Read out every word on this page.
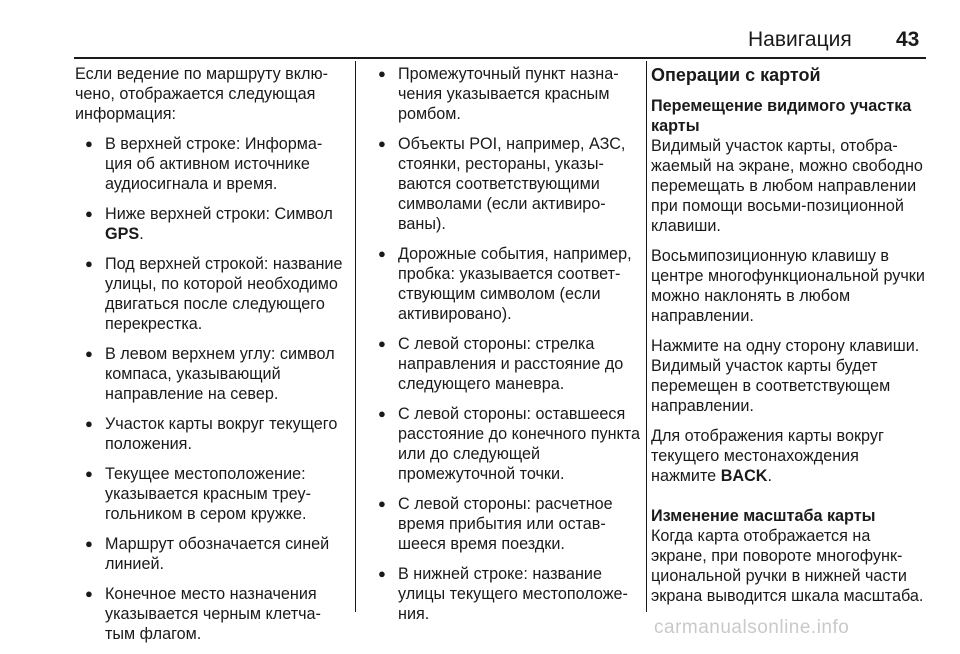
Навигация 43

Если ведение по маршруту вклю-чено, отображается следующая информация:

● В верхней строке: Информа-ция об активном источнике аудиосигнала и время.
● Ниже верхней строки: Символ
GPS.
● Под верхней строкой: название улицы, по которой необходимо двигаться после следующего перекрестка.
● В левом верхнем углу: символ компаса, указывающий направление на север.
● Участок карты вокруг текущего положения.
● Текущее местоположение: указывается красным треу-гольником в сером кружке.
● Маршрут обозначается синей линией.
● Конечное место назначения указывается черным клетча-тым флагом.
● Промежуточный пункт назна-чения указывается красным ромбом.
● Объекты POI, например, АЗС, стоянки, рестораны, указы-ваются соответствующими символами (если активиро-ваны).
● Дорожные события, например, пробка: указывается соответ-ствующим символом (если активировано).
● С левой стороны: стрелка направления и расстояние до следующего маневра.
● С левой стороны: оставшееся расстояние до конечного пункта или до следующей промежуточной точки.
● С левой стороны: расчетное время прибытия или остав-шееся время поездки.
● В нижней строке: название улицы текущего местоположе-ния.
Операции с картой
Перемещение видимого участка карты

Видимый участок карты, отобра-жаемый на экране, можно свободно перемещать в любом направлении при помощи восьми-позиционной клавиши.

Восьмипозиционную клавишу в центре многофункциональной ручки можно наклонять в любом направлении.

Нажмите на одну сторону клавиши. Видимый участок карты будет перемещен в соответствующем направлении.

Для отображения карты вокруг текущего местонахождения нажмите BACK.

Изменение масштаба карты

Когда карта отображается на экране, при повороте многофунк-циональной ручки в нижней части экрана выводится шкала масштаба.

carmanualsonline.info
